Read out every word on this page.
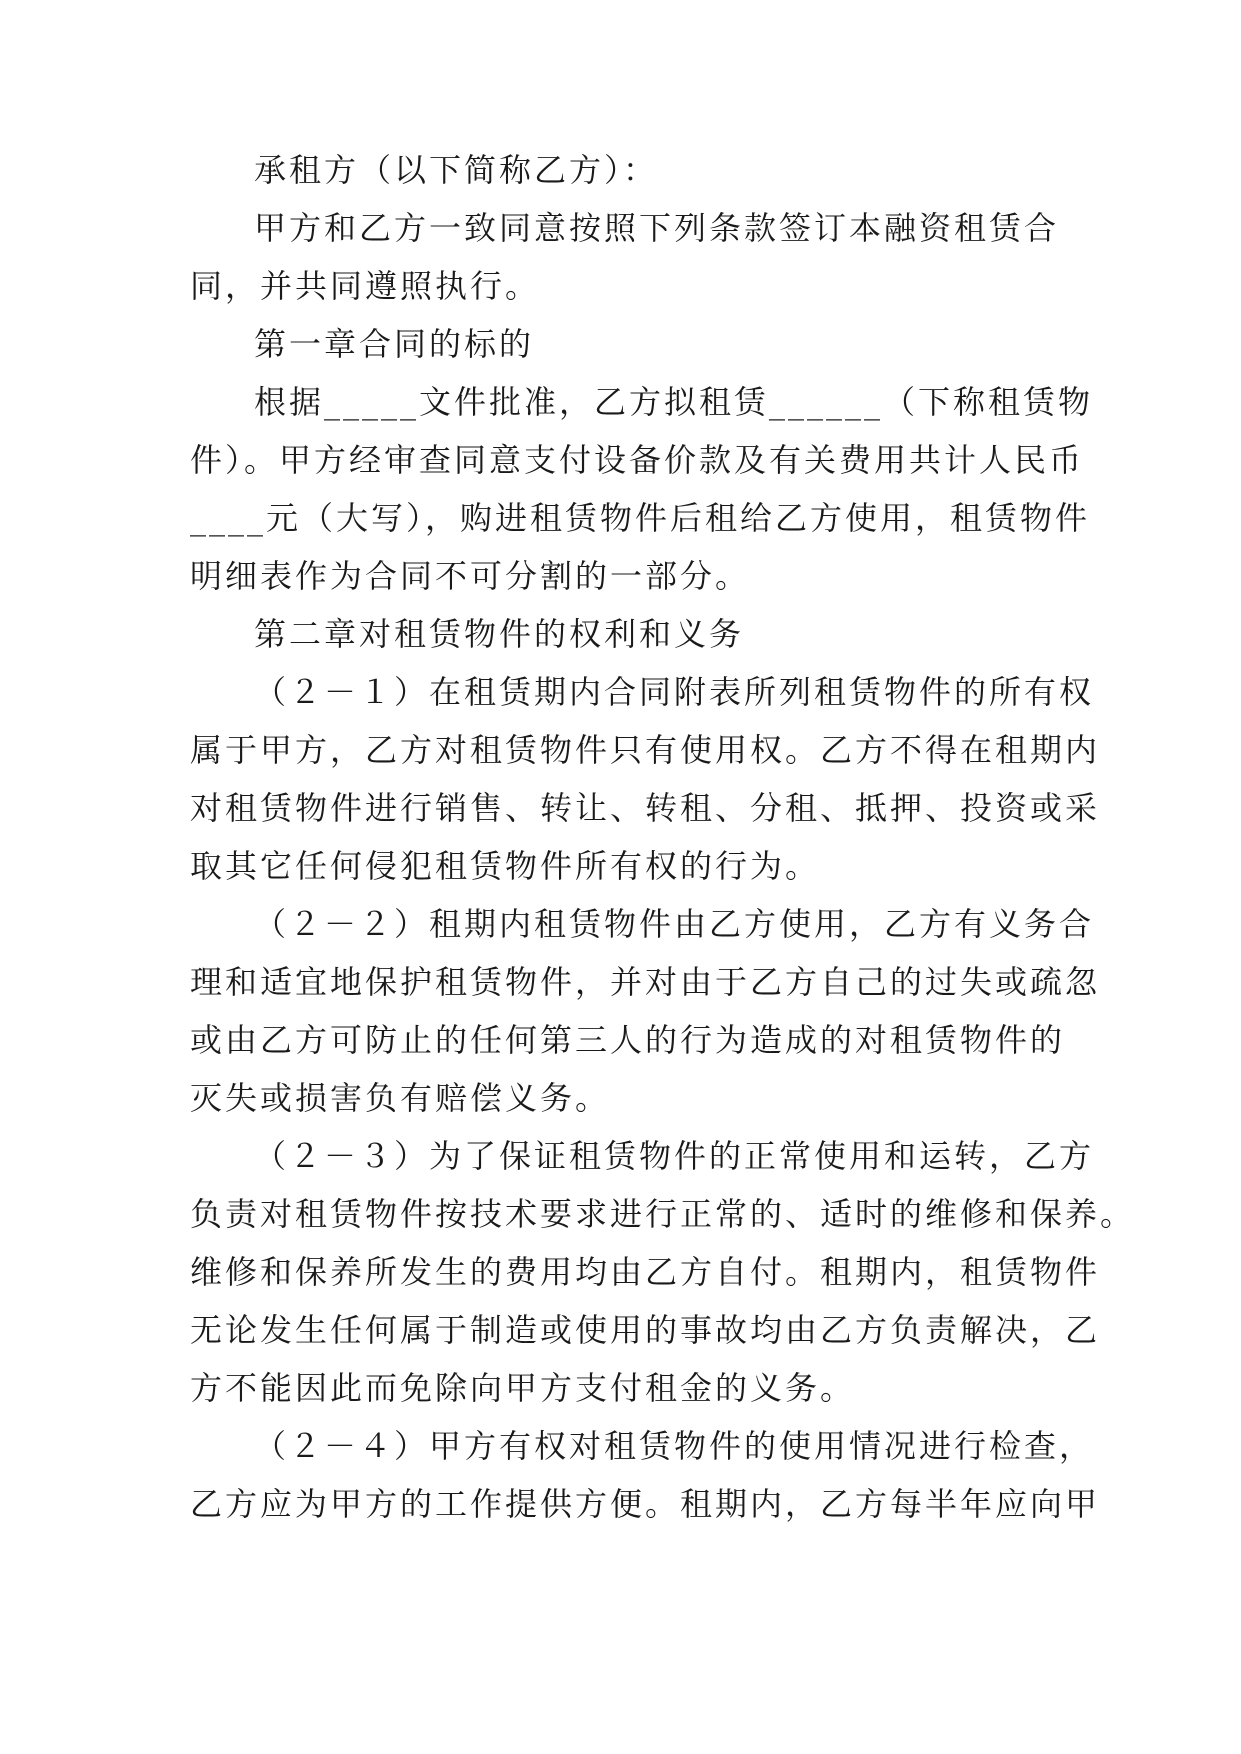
承租方（以下简称乙方）：
甲方和乙方一致同意按照下列条款签订本融资租赁合
同，并共同遵照执行。
第一章合同的标的
根据_____文件批准，乙方拟租赁______（下称租赁物
件）。甲方经审查同意支付设备价款及有关费用共计人民币
____元（大写），购进租赁物件后租给乙方使用，租赁物件
明细表作为合同不可分割的一部分。
第二章对租赁物件的权利和义务
（２－１）在租赁期内合同附表所列租赁物件的所有权
属于甲方，乙方对租赁物件只有使用权。乙方不得在租期内
对租赁物件进行销售、转让、转租、分租、抵押、投资或采
取其它任何侵犯租赁物件所有权的行为。
（２－２）租期内租赁物件由乙方使用，乙方有义务合
理和适宜地保护租赁物件，并对由于乙方自己的过失或疏忽
或由乙方可防止的任何第三人的行为造成的对租赁物件的
灭失或损害负有赔偿义务。
（２－３）为了保证租赁物件的正常使用和运转，乙方
负责对租赁物件按技术要求进行正常的、适时的维修和保养。
维修和保养所发生的费用均由乙方自付。租期内，租赁物件
无论发生任何属于制造或使用的事故均由乙方负责解决，乙
方不能因此而免除向甲方支付租金的义务。
（２－４）甲方有权对租赁物件的使用情况进行检查，
乙方应为甲方的工作提供方便。租期内，乙方每半年应向甲
